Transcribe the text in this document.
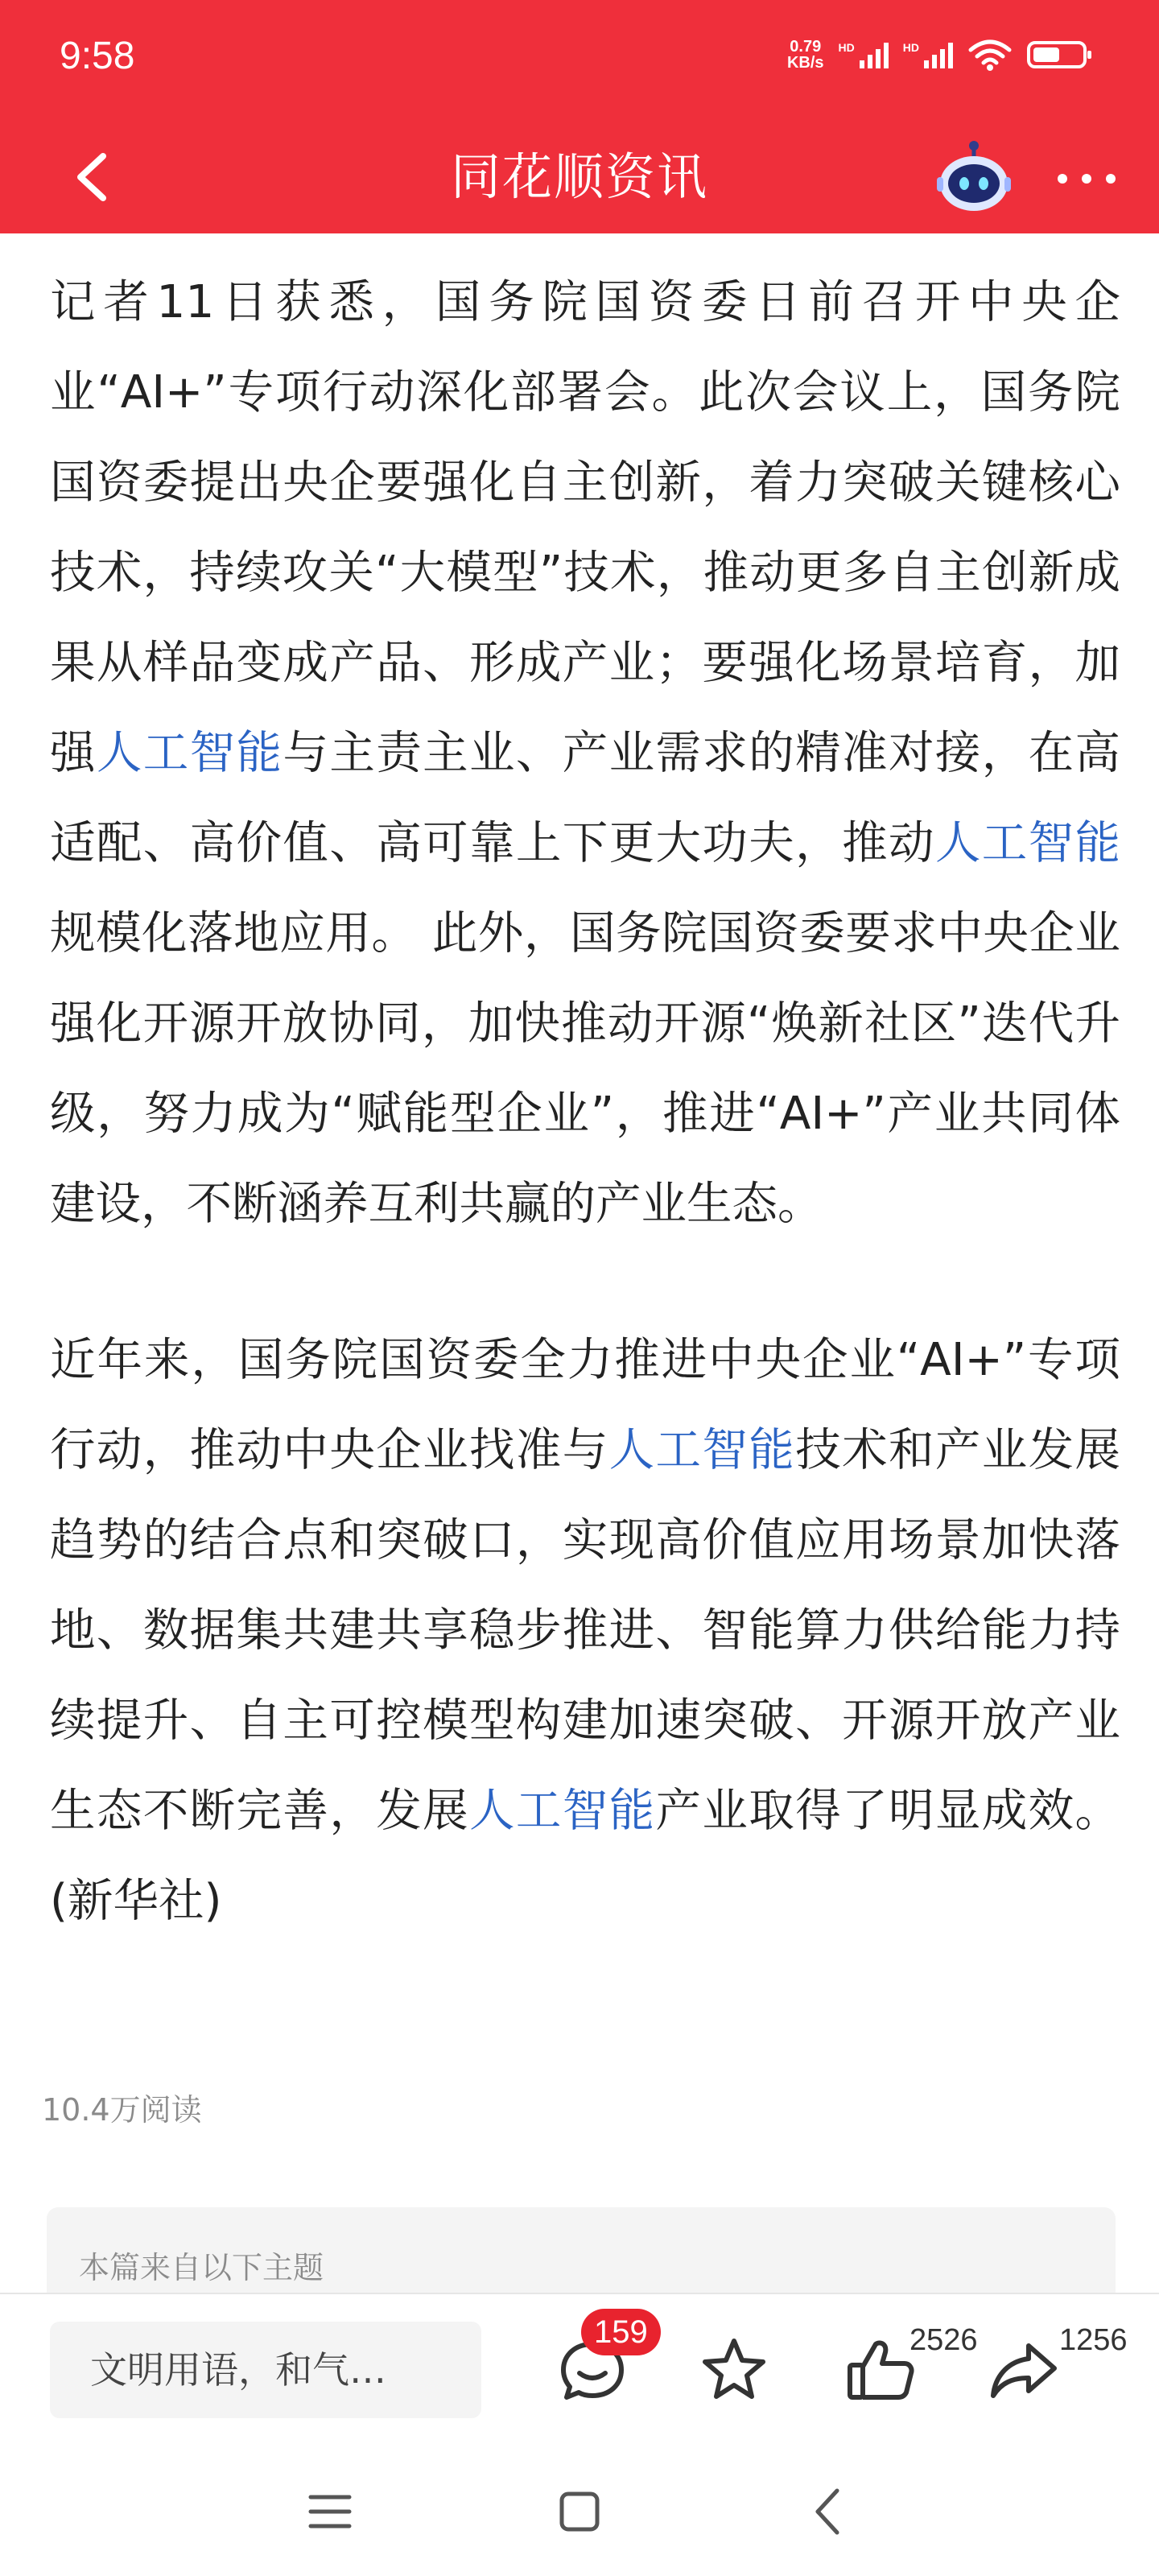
9:58	0.79
KB/s
HD	HD
同花顺资讯

记者11日获悉，国务院国资委日前召开中央企业“AI+”专项行动深化部署会。此次会议上，国务院国资委提出央企要强化自主创新，着力突破关键核心技术，持续攻关“大模型”技术，推动更多自主创新成果从样品变成产品、形成产业；要强化场景培育，加强人工智能与主责主业、产业需求的精准对接，在高适配、高价值、高可靠上下更大功夫，推动人工智能规模化落地应用。 此外，国务院国资委要求中央企业强化开源开放协同，加快推动开源“焕新社区”迭代升级，努力成为“赋能型企业”，推进“AI+”产业共同体建设，不断涵养互利共赢的产业生态。

近年来，国务院国资委全力推进中央企业“AI+”专项行动，推动中央企业找准与人工智能技术和产业发展趋势的结合点和突破口，实现高价值应用场景加快落地、数据集共建共享稳步推进、智能算力供给能力持续提升、自主可控模型构建加速突破、开源开放产业生态不断完善，发展人工智能产业取得了明显成效。(新华社)

10.4万阅读
本篇来自以下主题
文明用语，和气…
159	2526	1256
